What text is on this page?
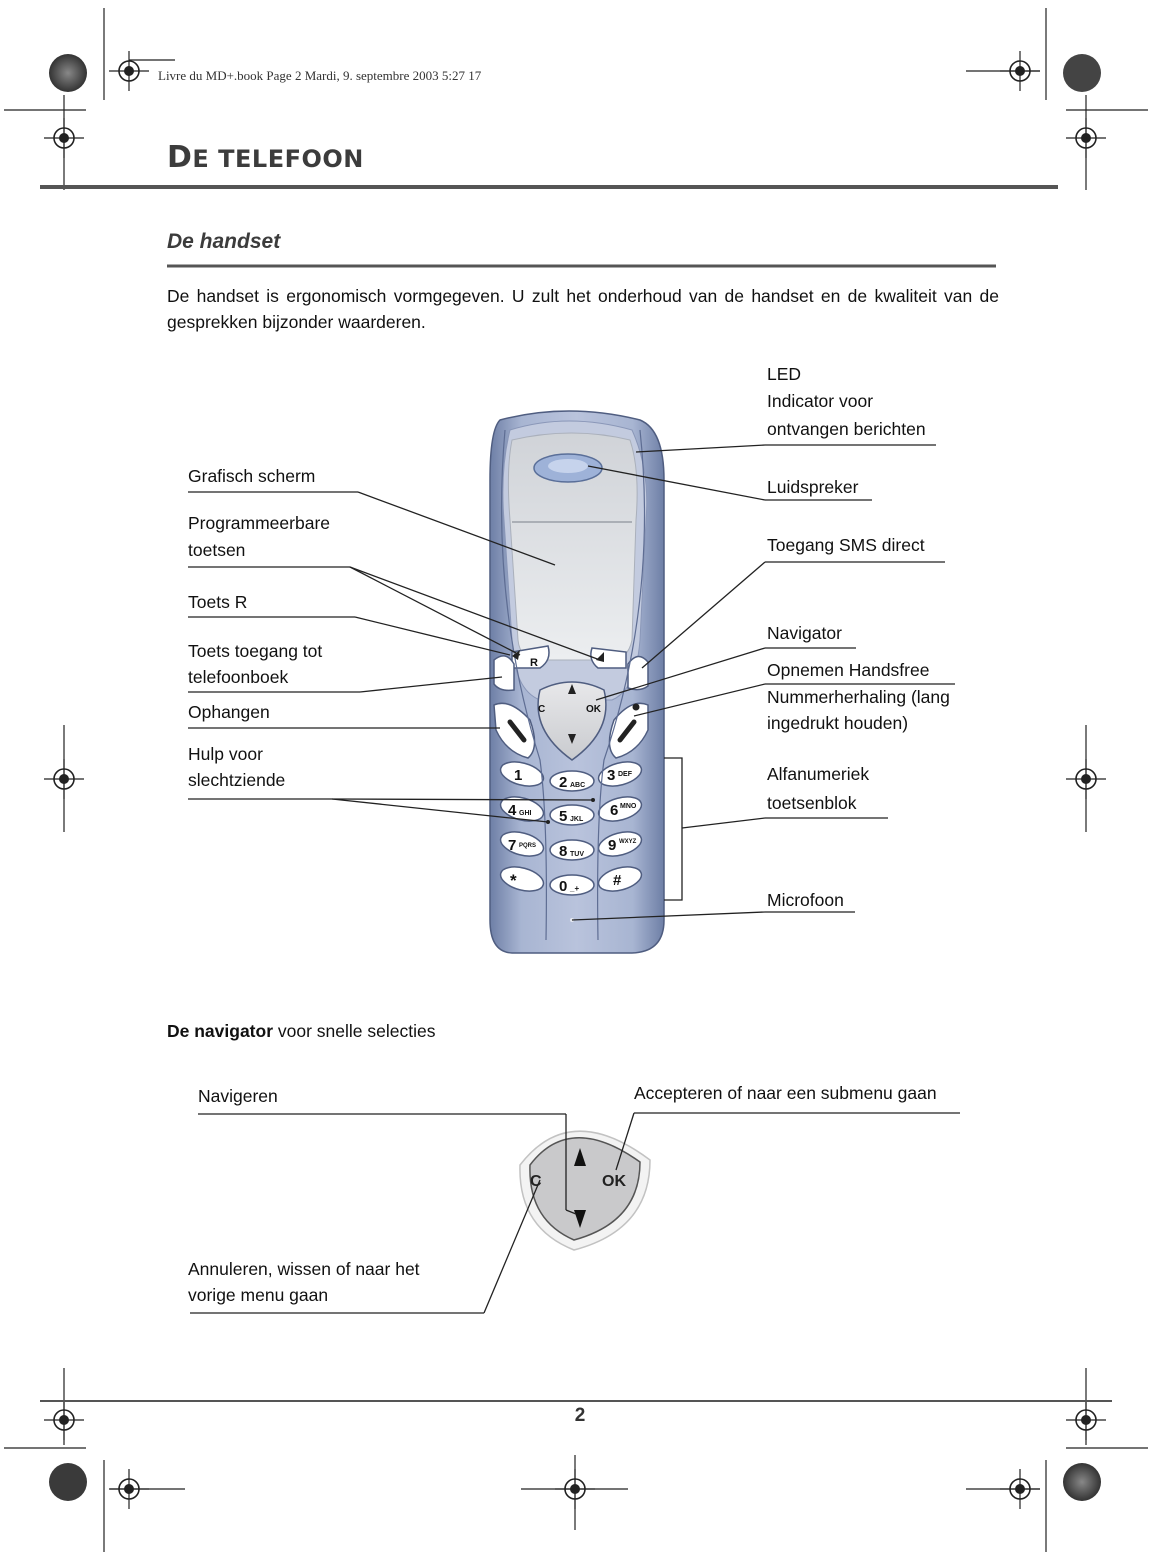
Livre du MD+.book Page 2 Mardi, 9. septembre 2003 5:27 17
DE TELEFOON
De handset
De handset is ergonomisch vormgegeven. U zult het onderhoud van de handset en de kwaliteit van de gesprekken bijzonder waarderen.
1 2 ABC
3 DEF
4 GHI 5 JKL
6 MNO
7 PQRS 8 TUV
9 WXYZ
*	0 _+ #
C	OK
R
C	OK
LED
Indicator voor
ontvangen berichten
Luidspreker
Toegang SMS direct
Navigator
Opnemen Handsfree
Nummerherhaling (lang
ingedrukt houden)
Alfanumeriek
toetsenblok
Microfoon
Grafisch scherm
Programmeerbare
toetsen
Toets R
Toets toegang tot
telefoonboek
Ophangen
Hulp voor
slechtziende
De navigator voor snelle selecties
Navigeren	Accepteren of naar een submenu gaan
Annuleren, wissen of naar het
vorige menu gaan
2
